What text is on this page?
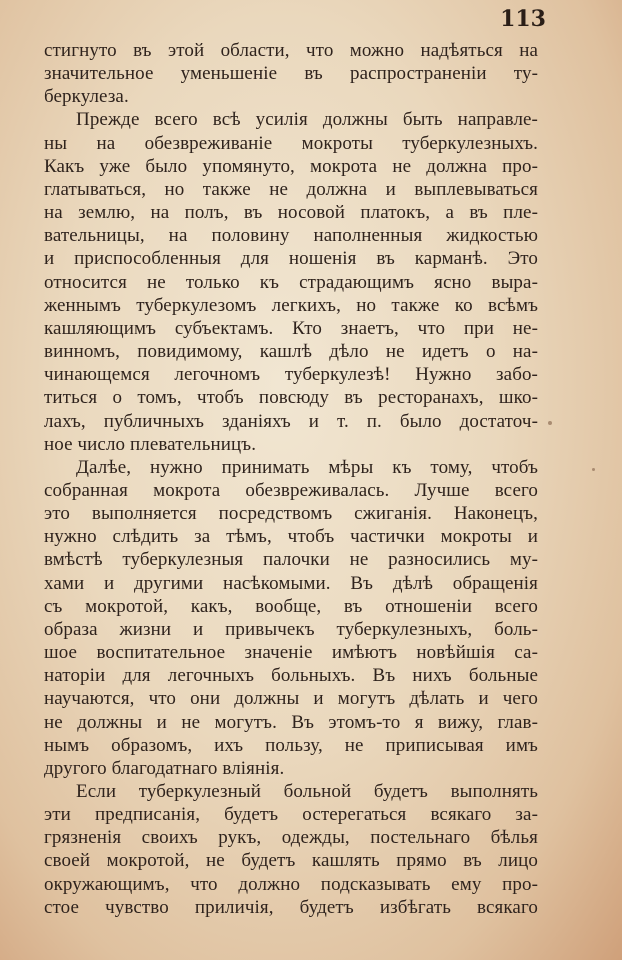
113

стигнуто въ этой области, что можно надѣяться на
значительное уменьшеніе въ распространеніи ту-
беркулеза.

Прежде всего всѣ усилія должны быть направле-
ны на обезвреживаніе мокроты туберкулезныхъ.
Какъ уже было упомянуто, мокрота не должна про-
глатываться, но также не должна и выплевываться
на землю, на полъ, въ носовой платокъ, а въ пле-
вательницы, на половину наполненныя жидкостью
и приспособленныя для ношенія въ карманѣ. Это
относится не только къ страдающимъ ясно выра-
женнымъ туберкулезомъ легкихъ, но также ко всѣмъ
кашляющимъ субъектамъ. Кто знаетъ, что при не-
винномъ, повидимому, кашлѣ дѣло не идетъ о на-
чинающемся легочномъ туберкулезѣ! Нужно забо-
титься о томъ, чтобъ повсюду въ ресторанахъ, шко-
лахъ, публичныхъ зданіяхъ и т. п. было достаточ-
ное число плевательницъ.

Далѣе, нужно принимать мѣры къ тому, чтобъ
собранная мокрота обезвреживалась. Лучше всего
это выполняется посредствомъ сжиганія. Наконецъ,
нужно слѣдить за тѣмъ, чтобъ частички мокроты и
вмѣстѣ туберкулезныя палочки не разносились му-
хами и другими насѣкомыми. Въ дѣлѣ обращенія
съ мокротой, какъ, вообще, въ отношеніи всего
образа жизни и привычекъ туберкулезныхъ, боль-
шое воспитательное значеніе имѣютъ новѣйшія са-
наторіи для легочныхъ больныхъ. Въ нихъ больные
научаются, что они должны и могутъ дѣлать и чего
не должны и не могутъ. Въ этомъ-то я вижу, глав-
нымъ образомъ, ихъ пользу, не приписывая имъ
другого благодатнаго вліянія.

Если туберкулезный больной будетъ выполнять
эти предписанія, будетъ остерегаться всякаго за-
грязненія своихъ рукъ, одежды, постельнаго бѣлья
своей мокротой, не будетъ кашлять прямо въ лицо
окружающимъ, что должно подсказывать ему про-
стое чувство приличія, будетъ избѣгать всякаго
